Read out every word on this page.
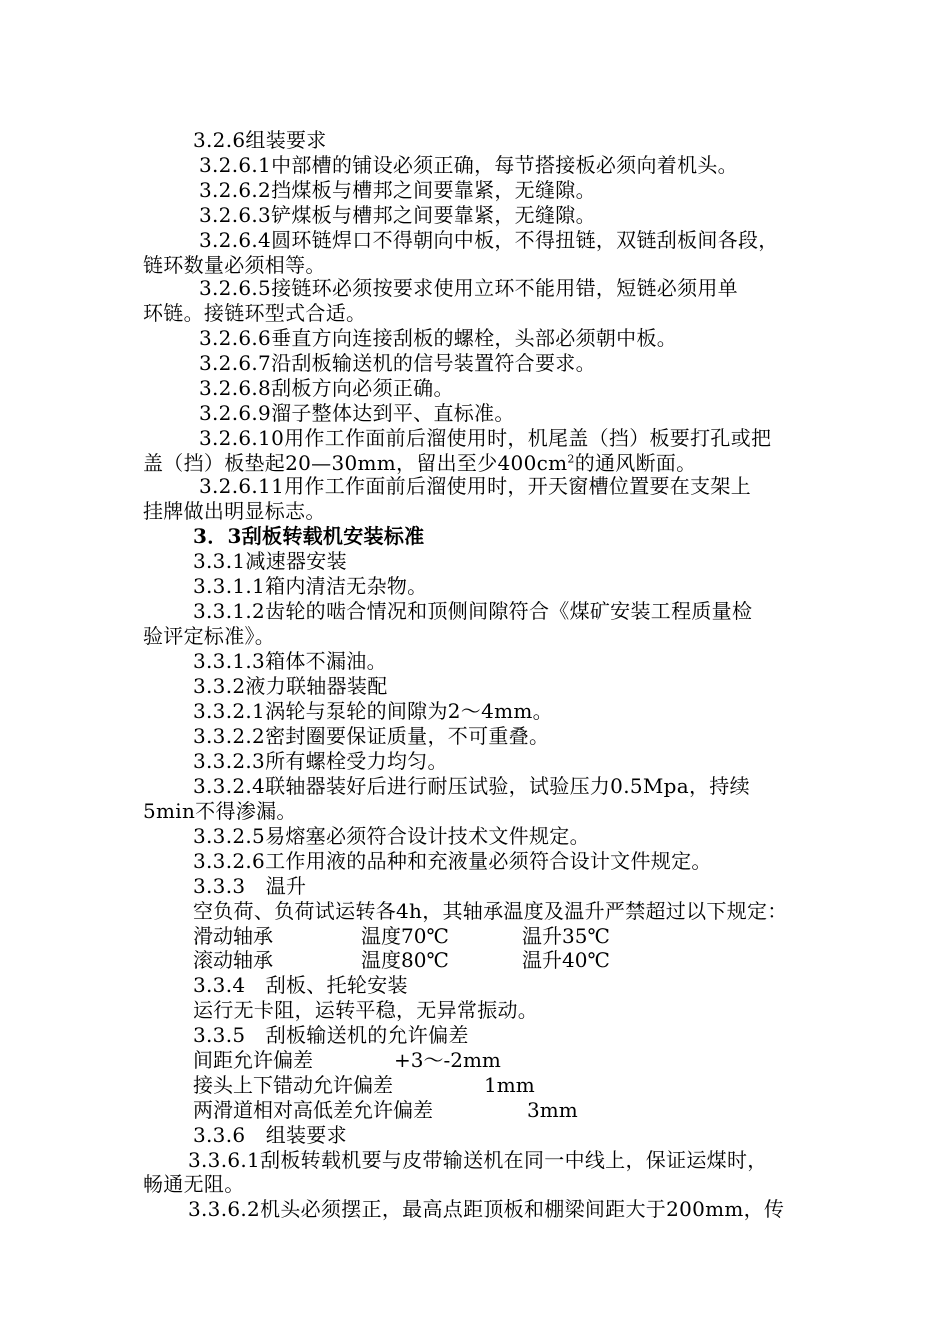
3.2.6组装要求
3.2.6.1中部槽的铺设必须正确，每节搭接板必须向着机头。
3.2.6.2挡煤板与槽邦之间要靠紧，无缝隙。
3.2.6.3铲煤板与槽邦之间要靠紧，无缝隙。
3.2.6.4圆环链焊口不得朝向中板，不得扭链，双链刮板间各段，
链环数量必须相等。
3.2.6.5接链环必须按要求使用立环不能用错，短链必须用单
环链。接链环型式合适。
3.2.6.6垂直方向连接刮板的螺栓，头部必须朝中板。
3.2.6.7沿刮板输送机的信号装置符合要求。
3.2.6.8刮板方向必须正确。
3.2.6.9溜子整体达到平、直标准。
3.2.6.10用作工作面前后溜使用时，机尾盖（挡）板要打孔或把
盖（挡）板垫起20—30mm，留出至少$400cm^2$的通风断面。
3.2.6.11用作工作面前后溜使用时，开天窗槽位置要在支架上
挂牌做出明显标志。
3．3刮板转载机安装标准
3.3.1减速器安装
3.3.1.1箱内清洁无杂物。
3.3.1.2齿轮的啮合情况和顶侧间隙符合《煤矿安装工程质量检
验评定标准》。
3.3.1.3箱体不漏油。
3.3.2液力联轴器装配
3.3.2.1涡轮与泵轮的间隙为2～4mm。
3.3.2.2密封圈要保证质量，不可重叠。
3.3.2.3所有螺栓受力均匀。
3.3.2.4联轴器装好后进行耐压试验，试验压力0.5Mpa，持续
5min不得渗漏。
3.3.2.5易熔塞必须符合设计技术文件规定。
3.3.2.6工作用液的品种和充液量必须符合设计文件规定。
3.3.3　温升
空负荷、负荷试运转各4h，其轴承温度及温升严禁超过以下规定：
滑动轴承	温度70℃	温升35℃
滚动轴承	温度80℃	温升40℃
3.3.4　刮板、托轮安装
运行无卡阻，运转平稳，无异常振动。
3.3.5　刮板输送机的允许偏差
间距允许偏差	+3～-2mm
接头上下错动允许偏差	1mm
两滑道相对高低差允许偏差	3mm
3.3.6　组装要求
3.3.6.1刮板转载机要与皮带输送机在同一中线上，保证运煤时，
畅通无阻。
3.3.6.2机头必须摆正，最高点距顶板和棚梁间距大于200mm，传
